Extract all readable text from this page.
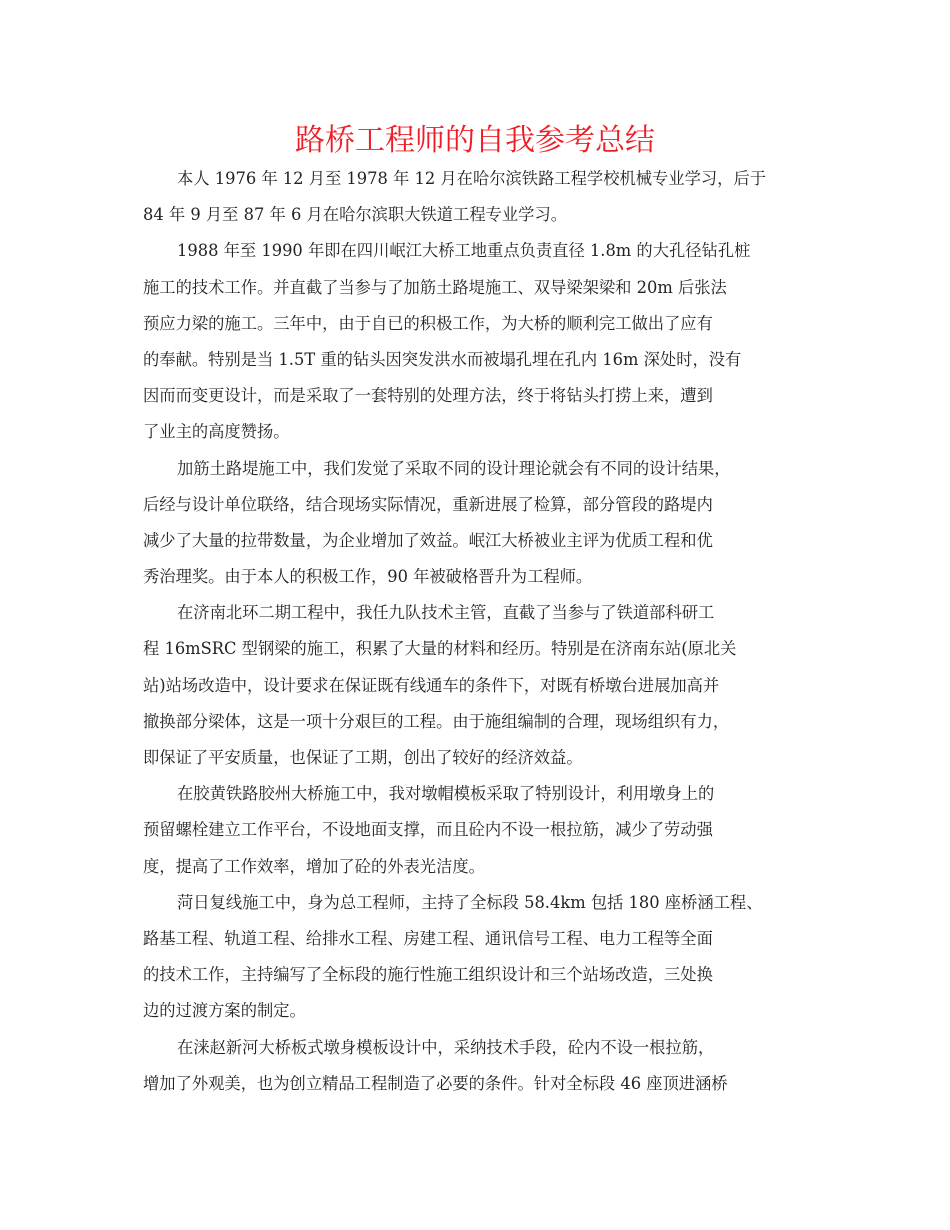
路桥工程师的自我参考总结
本人 1976 年 12 月至 1978 年 12 月在哈尔滨铁路工程学校机械专业学习，后于
84 年 9 月至 87 年 6 月在哈尔滨职大铁道工程专业学习。
1988 年至 1990 年即在四川岷江大桥工地重点负责直径 1.8m 的大孔径钻孔桩
施工的技术工作。并直截了当参与了加筋土路堤施工、双导梁架梁和 20m 后张法
预应力梁的施工。三年中，由于自已的积极工作，为大桥的顺利完工做出了应有
的奉献。特别是当 1.5T 重的钻头因突发洪水而被塌孔埋在孔内 16m 深处时，没有
因而而变更设计，而是采取了一套特别的处理方法，终于将钻头打捞上来，遭到
了业主的高度赞扬。
加筋土路堤施工中，我们发觉了采取不同的设计理论就会有不同的设计结果，
后经与设计单位联络，结合现场实际情况，重新进展了检算，部分管段的路堤内
减少了大量的拉带数量，为企业增加了效益。岷江大桥被业主评为优质工程和优
秀治理奖。由于本人的积极工作，90 年被破格晋升为工程师。
在济南北环二期工程中，我任九队技术主管，直截了当参与了铁道部科研工
程 16mSRC 型钢梁的施工，积累了大量的材料和经历。特别是在济南东站(原北关
站)站场改造中，设计要求在保证既有线通车的条件下，对既有桥墩台进展加高并
撤换部分梁体，这是一项十分艰巨的工程。由于施组编制的合理，现场组织有力，
即保证了平安质量，也保证了工期，创出了较好的经济效益。
在胶黄铁路胶州大桥施工中，我对墩帽模板采取了特别设计，利用墩身上的
预留螺栓建立工作平台，不设地面支撑，而且砼内不设一根拉筋，减少了劳动强
度，提高了工作效率，增加了砼的外表光洁度。
菏日复线施工中，身为总工程师，主持了全标段 58.4km 包括 180 座桥涵工程、
路基工程、轨道工程、给排水工程、房建工程、通讯信号工程、电力工程等全面
的技术工作，主持编写了全标段的施行性施工组织设计和三个站场改造，三处换
边的过渡方案的制定。
在涞赵新河大桥板式墩身模板设计中，采纳技术手段，砼内不设一根拉筋，
增加了外观美，也为创立精品工程制造了必要的条件。针对全标段 46 座顶进涵桥
